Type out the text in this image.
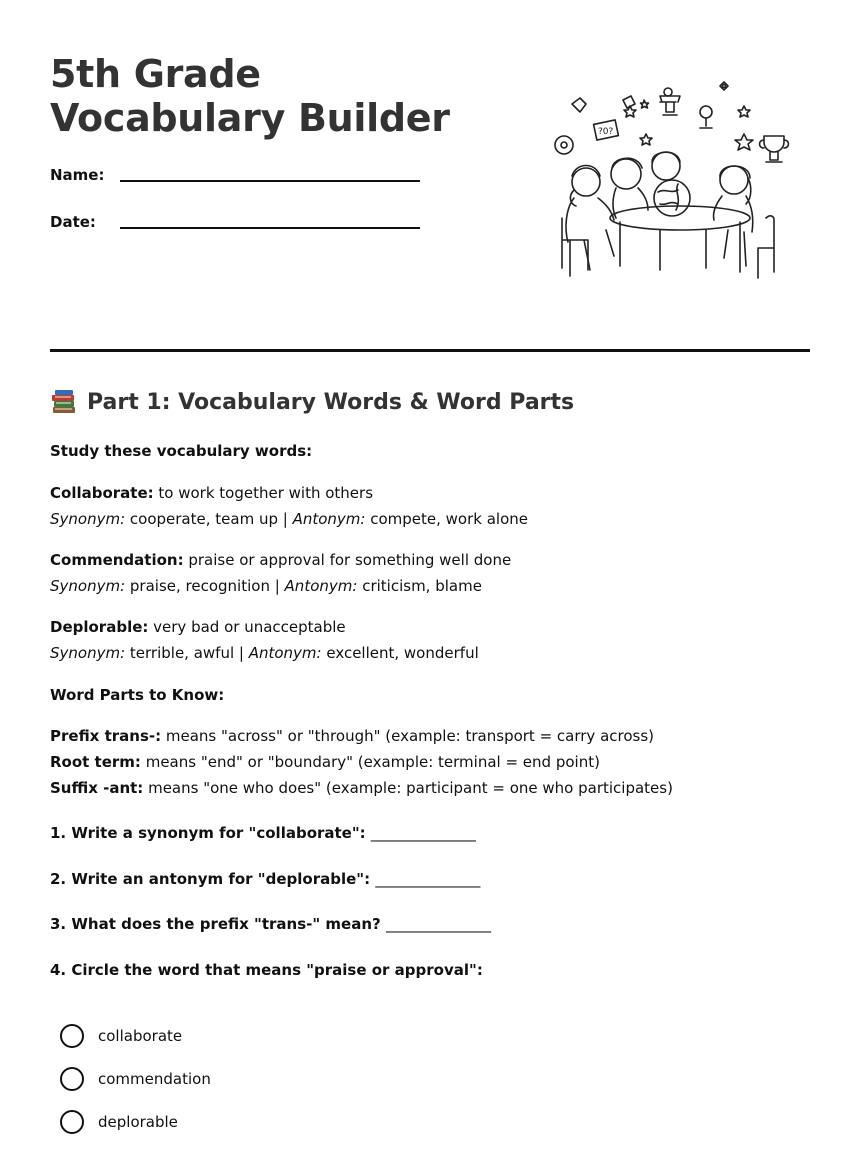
5th Grade Vocabulary Builder
Name:
Date:
?0?
Part 1: Vocabulary Words & Word Parts
Study these vocabulary words:
Collaborate: to work together with others
Synonym: cooperate, team up | Antonym: compete, work alone
Commendation: praise or approval for something well done
Synonym: praise, recognition | Antonym: criticism, blame
Deplorable: very bad or unacceptable
Synonym: terrible, awful | Antonym: excellent, wonderful
Word Parts to Know:
Prefix trans-: means "across" or "through" (example: transport = carry across)
Root term: means "end" or "boundary" (example: terminal = end point)
Suffix -ant: means "one who does" (example: participant = one who participates)
1. Write a synonym for "collaborate": ______________
2. Write an antonym for "deplorable": ______________
3. What does the prefix "trans-" mean? ______________
4. Circle the word that means "praise or approval":
collaborate
commendation
deplorable
